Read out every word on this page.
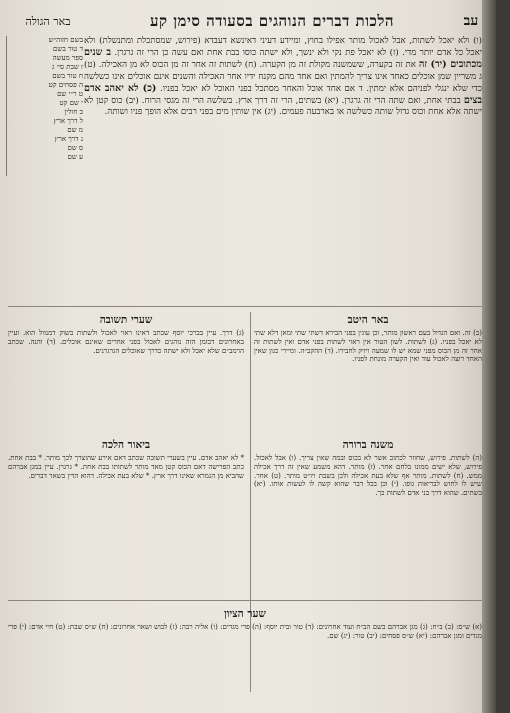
עב
הלכות דברים הנוהגים בסעודה סימן קע
באר הגולה
בשם חזוה״ש
ד טור בשם
ספר מעשה
ז שבת סי׳ ג
ח טור בשם
ה פסחים קט
ט ר״י שם
י שם קט
כ חולין
ל דרך ארץ
מ שם
נ דרך ארץ
ס שם
ע שם
(ו) ולא יאכל לשתות, אבל לאכול מותר אפילו בחוץ, ומיידע דעיני דאינשא דעבדא (פירוש, שמסתכלת ומתנשלת) ולא יאכל כל אדם יותר מדי. (ז) לא יאכל פת נקי ולא ינשך, ולא ישתה כוסו בבת אחת ואם עשה כן הרי זה גרגרן. ב שנים מכתובים (יד) זה את זה בקערה, ששמשנה מקולת זה מן הקערה. (ח) לשתות זה אחר זה מן הכוס לא מן האכילה. (ט) ג משריין שמן אוכלים כאחד אינו צריך להמתין ואם אחד מהם מקנח ידיו אחר האכילה והשנים אינם אוכלים אינו כשלשה כדי שלא ינגלי לפניהם אלא ימתין. ד אם אחד אוכל והאחר מסתכל בפני האוכל לא יאכל בפניו. (כ) לא יאהב אדם בצים בבתי אחת, ואם שתה הרי זה גרגרן. (יא) בשתים, הרי זה דרך ארץ. בשלשה הרי זה מגסי הרוח. (יב) כוס קטן לא ישתה אלא אחת וכוס גדול שותה כשלשה או בארבעה פעמים. (יג) אין שותין מים בפני רבים אלא הופך פניו ושותה.
באר היטב
(ב) זה. ואם הגדול בעם ראשון מותר, וכן עוגין בפני הבירא דשתי שתי ומאן דלא שתי לא יאכל בפניו. (ג) לשתות. לשון הטור אין ראוי לשתות בפני אדם ואין לשתות זה אחר זה מן הכוס מפני שמא יש לו שמעה ויזיק לחבירו. (ד) ההקב״ה. ומיירי כגון שאין האחד רוצה לאכול עוד ואין הקערה מונחת לפניו.
משנה ברורה
(ה) לשתות. פירוש, שחוזר לכתוב אשר לא בכוס ובמה שאין צריך. (ו) אבל לאכול. פירוש, שלא ישים ממונו בלחם אחר. (ז) מותר. דהא משמע שאין זה דרך אכילה ממש. (ח) לשתות. מותר אף שלא בעת אכילה ולכן בשבת ויו״ט מותר. (ט) אחר. שיש לו לחוש לבריאות גופו. (י) וכן בכל דבר שהוא קשה לו לעשות אותו. (יא) בשתים. שהוא דרך בני אדם לשתות כך.
שערי תשובה
(ג) דרך. עיין בברכי יוסף שכתב דאינו ראוי לאכול ולשתות בשוק דמנוול הוא. ועיין באחרונים דבזמן הזה נוהגים לאכול בפני אחרים שאינם אוכלים. (ד) והנה. שכתב הרמב״ם שלא יאכל ולא ישתה כדרך שאוכלים הגרגרנים.
ביאור הלכה
* לא יאהב אדם. עיין בשערי תשובה שכתב דאם אירע שהוצרך לכך מותר. * בבת אחת. כתב הפרישה דאם הכוס קטן מאד מותר לשתותו בבת אחת. * גרגרן. עיין במגן אברהם שהביא מן הגמרא שאינו דרך ארץ. * שלא בעת אכילה. דהוא הדין בשאר דברים.
שער הציון
(א) ש״ס: (ב) ב״ח: (ג) מגן אברהם בשם הב״ח ועוד אחרונים: (ד) טור ובית יוסף: (ה) פרי מגדים: (ו) אליה רבה: (ז) לבוש ושאר אחרונים: (ח) ש״ס שבת: (ט) חיי אדם: (י) פרי מגדים ומגן אברהם: (יא) ש״ס פסחים: (יב) טור: (יג) שם.
